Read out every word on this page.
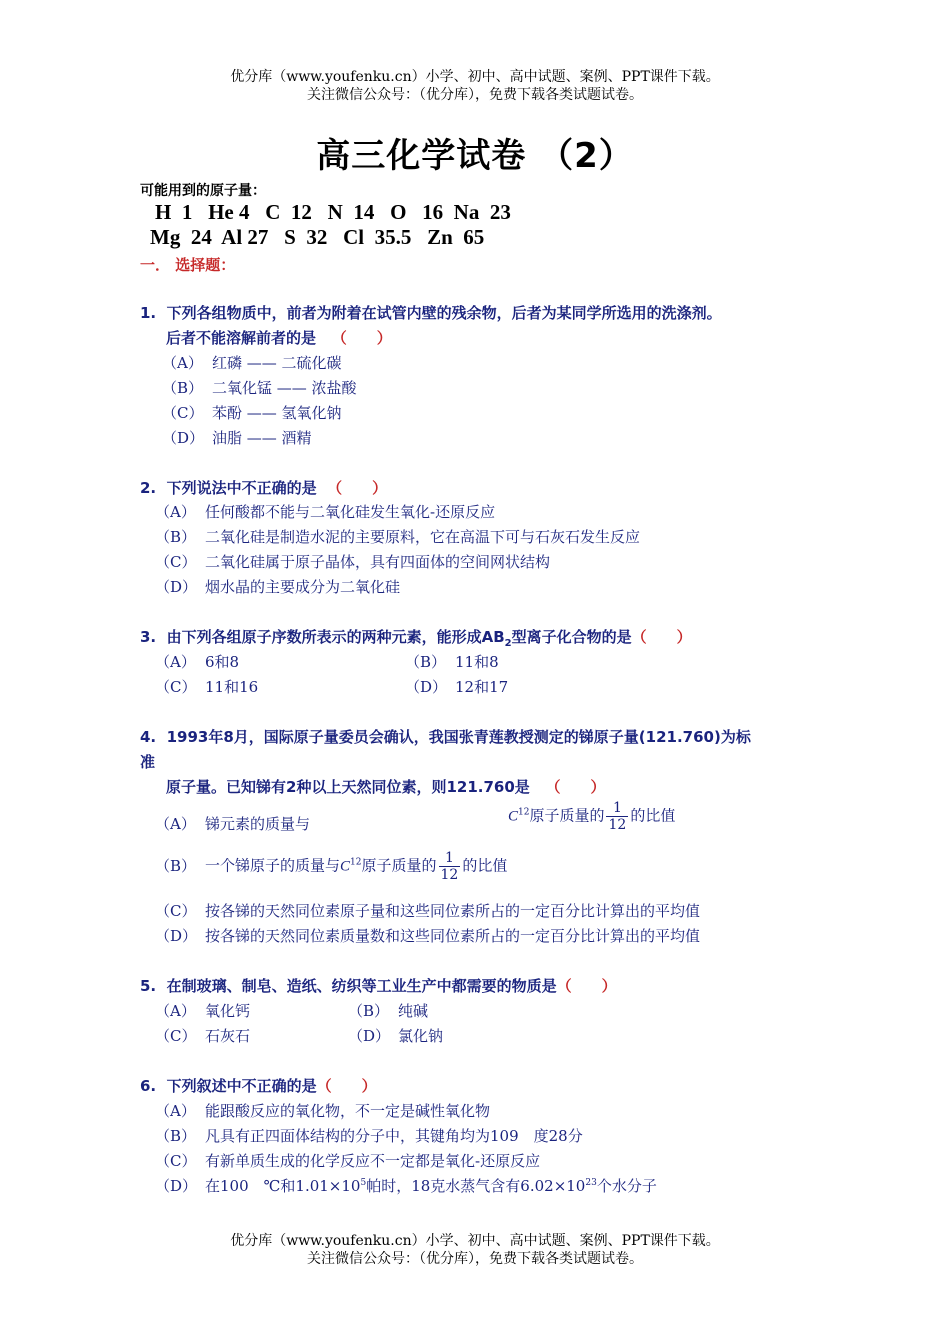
优分库（www.youfenku.cn）小学、初中、高中试题、案例、PPT课件下载。
关注微信公众号：（优分库），免费下载各类试题试卷。
高三化学试卷 （2）
可能用到的原子量：
H  1   He 4   C  12   N  14   O   16  Na  23
Mg  24  Al 27   S  32   Cl  35.5   Zn  65
一． 选择题：
1. 下列各组物质中，前者为附着在试管内壁的残余物，后者为某同学所选用的洗涤剂。
后者不能溶解前者的是 （　　）
（A） 红磷 —— 二硫化碳
（B） 二氧化锰 —— 浓盐酸
（C） 苯酚 —— 氢氧化钠
（D） 油脂 —— 酒精
2. 下列说法中不正确的是 （　　）
（A） 任何酸都不能与二氧化硅发生氧化-还原反应
（B） 二氧化硅是制造水泥的主要原料，它在高温下可与石灰石发生反应
（C） 二氧化硅属于原子晶体，具有四面体的空间网状结构
（D） 烟水晶的主要成分为二氧化硅
3. 由下列各组原子序数所表示的两种元素，能形成$AB_2$型离子化合物的是（　　）
（A） 6和8	（B） 11和8
（C） 11和16	（D） 12和17
4. 1993年8月，国际原子量委员会确认，我国张青莲教授测定的锑原子量(121.760)为标
准
原子量。已知锑有2种以上天然同位素，则121.760是 （　　）
（A） 锑元素的质量与	$C^{12}$原子质量的 $\frac{1}{12}$ 的比值
（B） 一个锑原子的质量与$C^{12}$原子质量的 $\frac{1}{12}$ 的比值
（C） 按各锑的天然同位素原子量和这些同位素所占的一定百分比计算出的平均值
（D） 按各锑的天然同位素质量数和这些同位素所占的一定百分比计算出的平均值
5. 在制玻璃、制皂、造纸、纺织等工业生产中都需要的物质是（　　）
（A） 氧化钙	（B） 纯碱
（C） 石灰石	（D） 氯化钠
6. 下列叙述中不正确的是（　　）
（A） 能跟酸反应的氧化物，不一定是碱性氧化物
（B） 凡具有正四面体结构的分子中，其键角均为109　度28分
（C） 有新单质生成的化学反应不一定都是氧化-还原反应
（D） 在100　℃和$1.01\times 10^5$帕时，18克水蒸气含有$6.02\times 10^{23}$个水分子
优分库（www.youfenku.cn）小学、初中、高中试题、案例、PPT课件下载。
关注微信公众号：（优分库），免费下载各类试题试卷。
